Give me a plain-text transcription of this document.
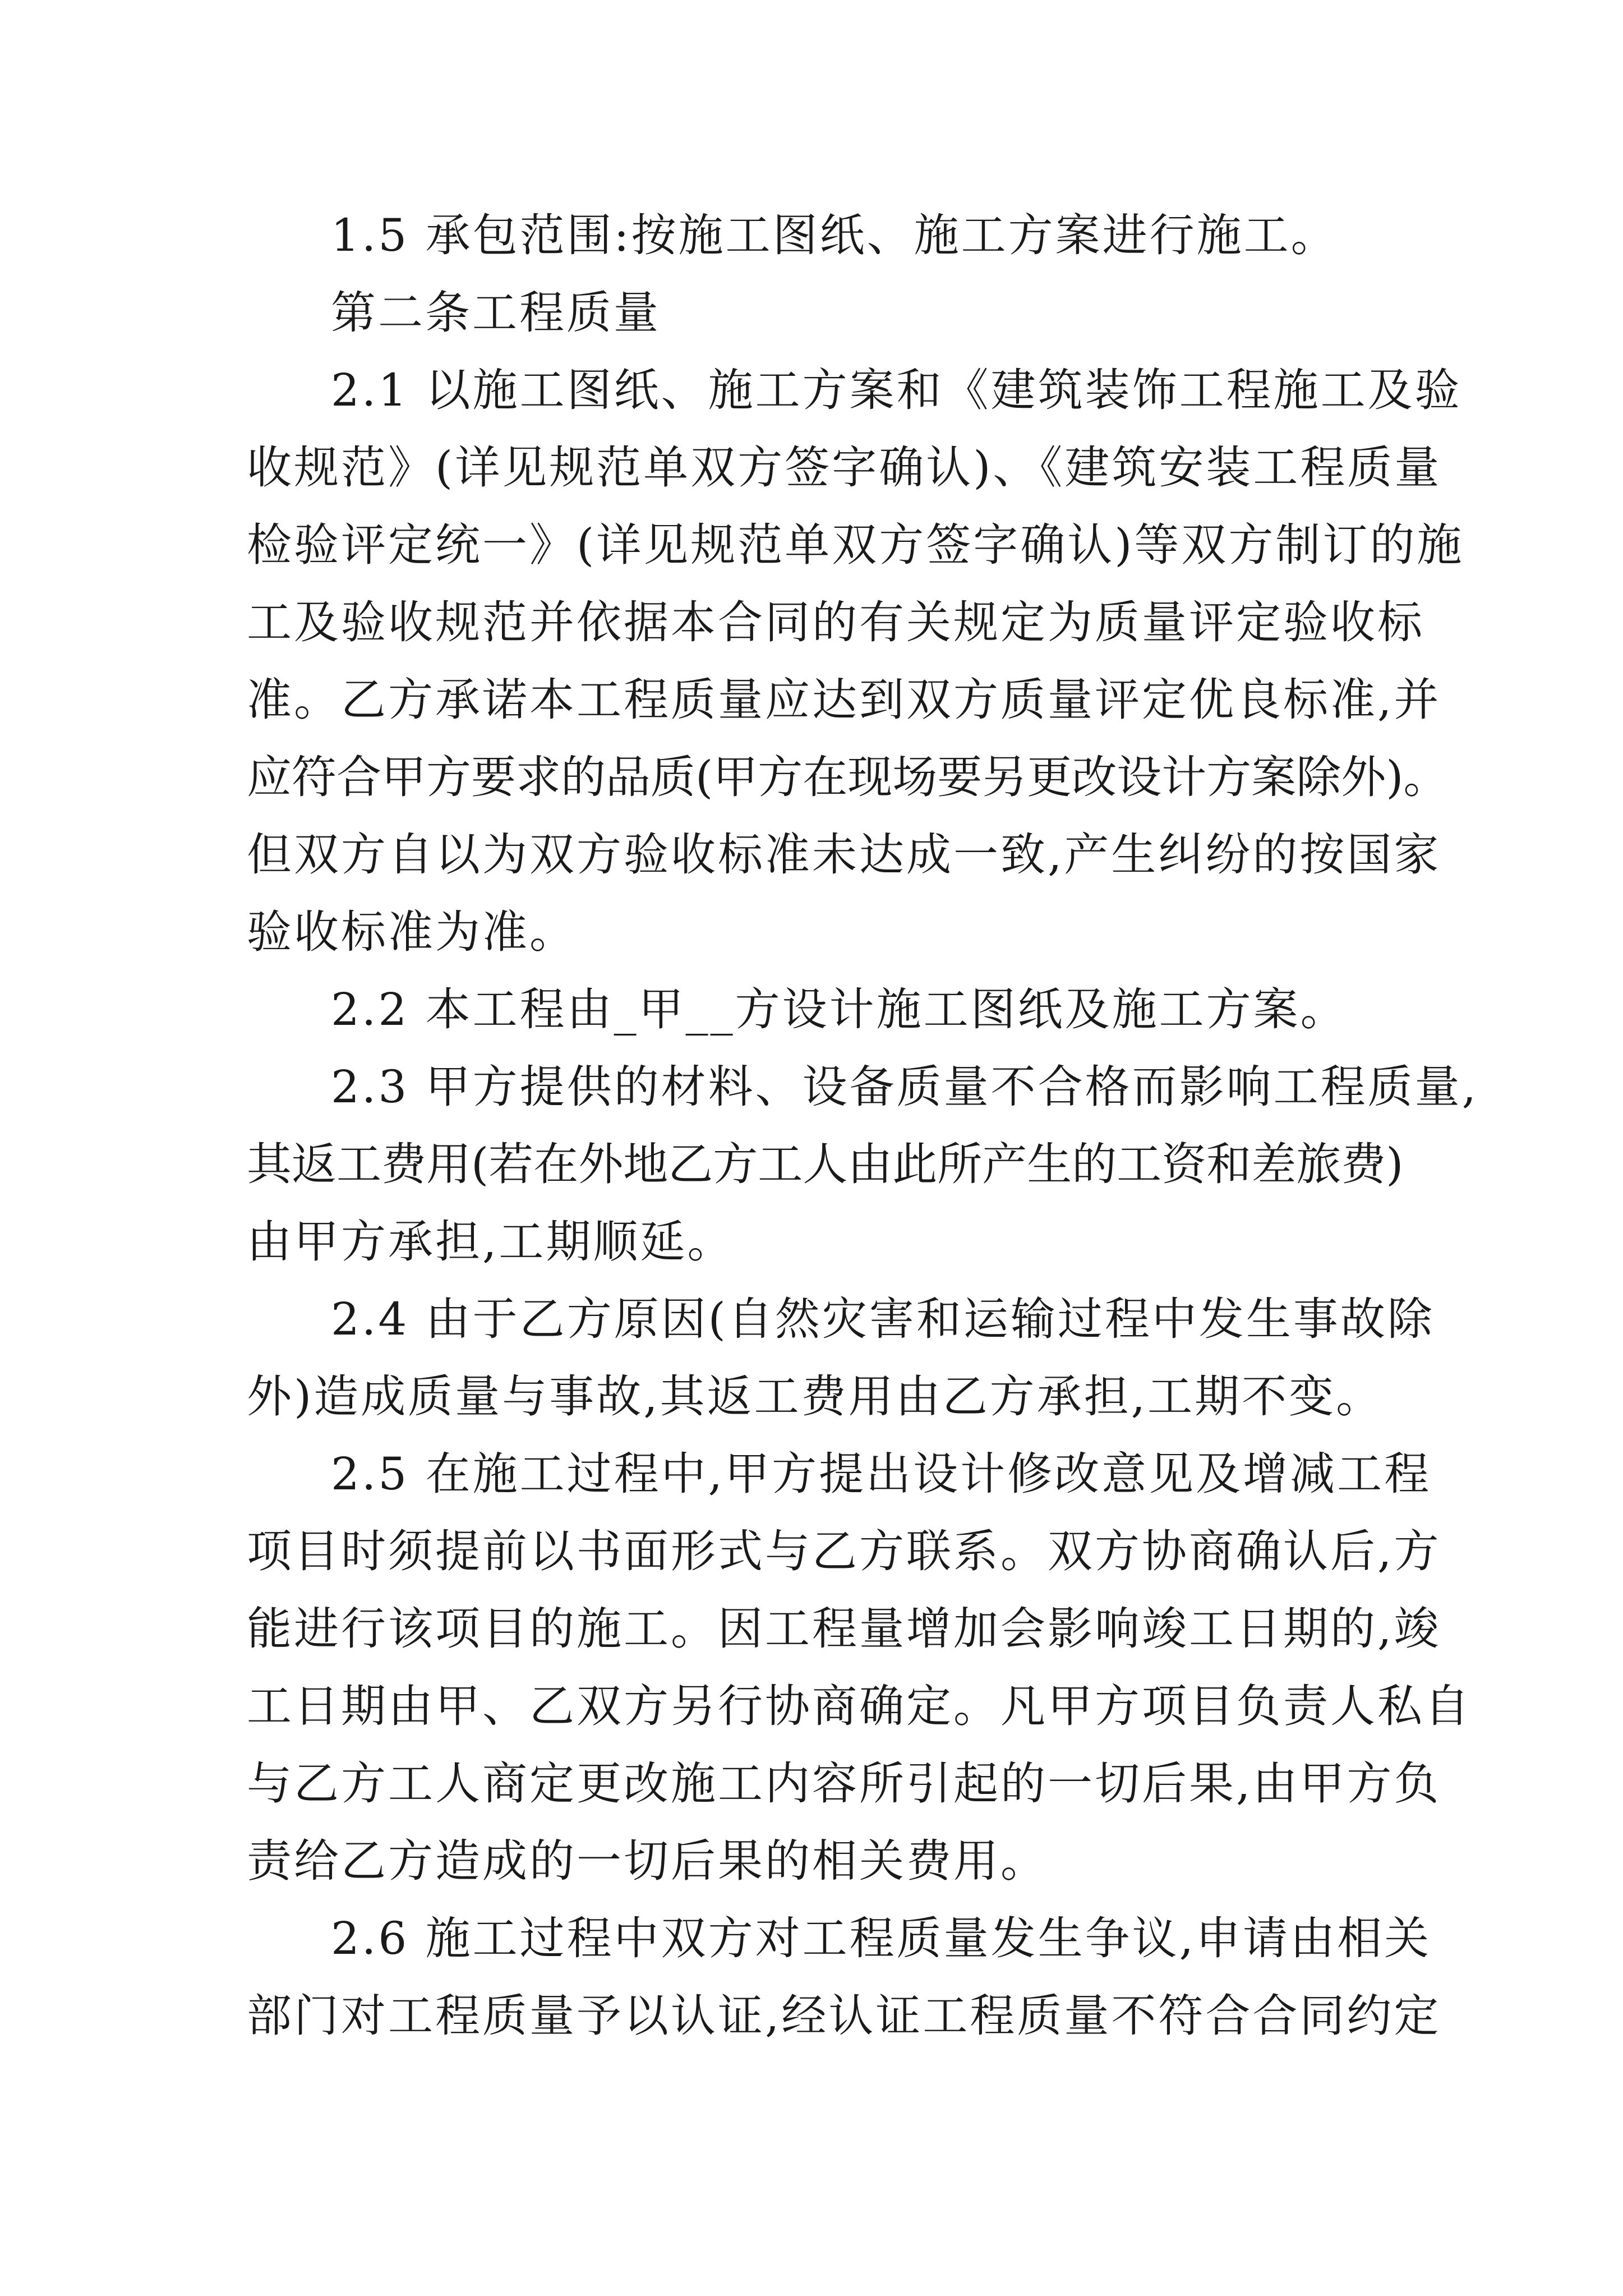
1.5 承包范围:按施工图纸、施工方案进行施工。
第二条工程质量
2.1 以施工图纸、施工方案和《建筑装饰工程施工及验
收规范》(详见规范单双方签字确认)、《建筑安装工程质量
检验评定统一》(详见规范单双方签字确认)等双方制订的施
工及验收规范并依据本合同的有关规定为质量评定验收标
准。乙方承诺本工程质量应达到双方质量评定优良标准,并
应符合甲方要求的品质(甲方在现场要另更改设计方案除外)。
但双方自以为双方验收标准未达成一致,产生纠纷的按国家
验收标准为准。
2.2 本工程由_甲__方设计施工图纸及施工方案。
2.3 甲方提供的材料、设备质量不合格而影响工程质量,
其返工费用(若在外地乙方工人由此所产生的工资和差旅费)
由甲方承担,工期顺延。
2.4 由于乙方原因(自然灾害和运输过程中发生事故除
外)造成质量与事故,其返工费用由乙方承担,工期不变。
2.5 在施工过程中,甲方提出设计修改意见及增减工程
项目时须提前以书面形式与乙方联系。双方协商确认后,方
能进行该项目的施工。因工程量增加会影响竣工日期的,竣
工日期由甲、乙双方另行协商确定。凡甲方项目负责人私自
与乙方工人商定更改施工内容所引起的一切后果,由甲方负
责给乙方造成的一切后果的相关费用。
2.6 施工过程中双方对工程质量发生争议,申请由相关
部门对工程质量予以认证,经认证工程质量不符合合同约定
